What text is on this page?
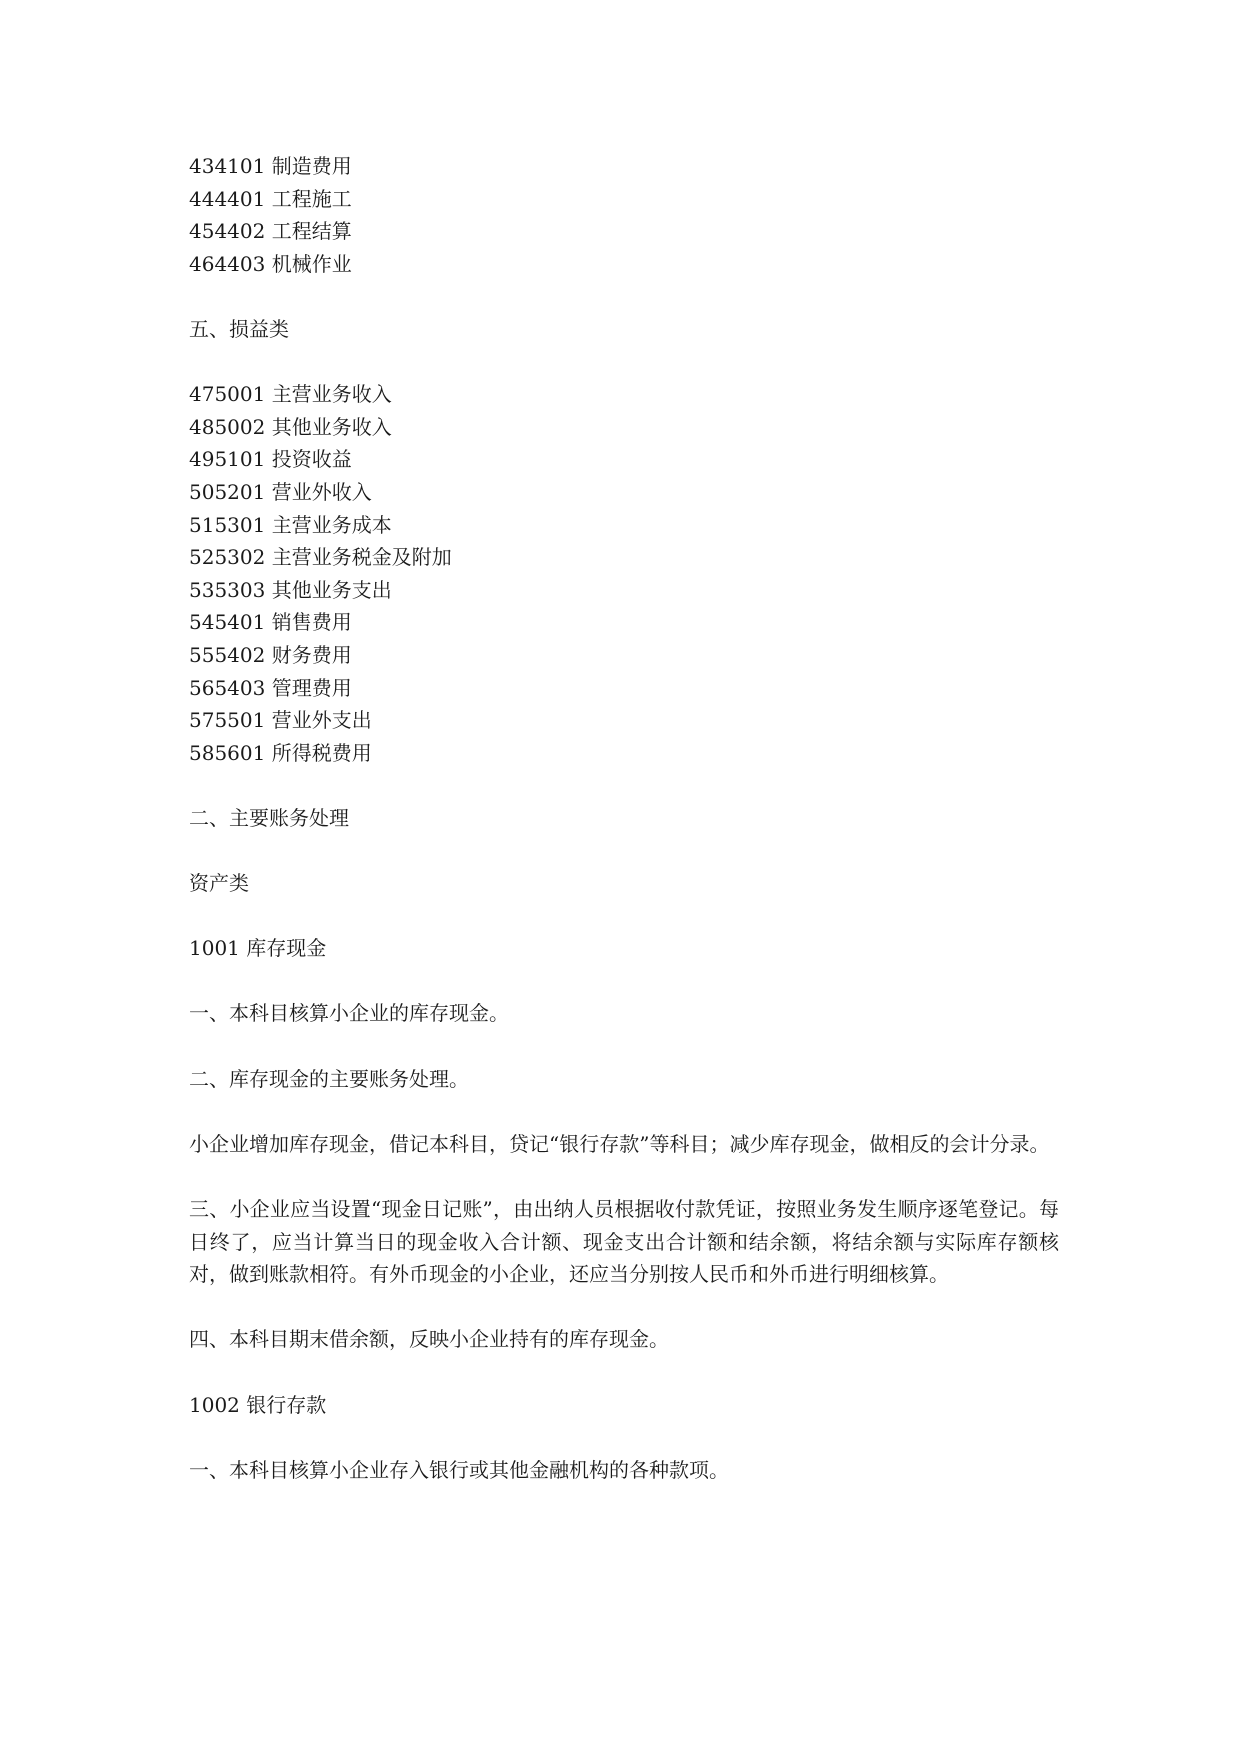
434101 制造费用
444401 工程施工
454402 工程结算
464403 机械作业
五、损益类
475001 主营业务收入
485002 其他业务收入
495101 投资收益
505201 营业外收入
515301 主营业务成本
525302 主营业务税金及附加
535303 其他业务支出
545401 销售费用
555402 财务费用
565403 管理费用
575501 营业外支出
585601 所得税费用
二、主要账务处理
资产类
1001 库存现金
一、本科目核算小企业的库存现金。
二、库存现金的主要账务处理。
小企业增加库存现金，借记本科目，贷记“银行存款”等科目；减少库存现金，做相反的会计分录。
三、小企业应当设置“现金日记账”，由出纳人员根据收付款凭证，按照业务发生顺序逐笔登记。每日终了，应当计算当日的现金收入合计额、现金支出合计额和结余额，将结余额与实际库存额核对，做到账款相符。有外币现金的小企业，还应当分别按人民币和外币进行明细核算。
四、本科目期末借余额，反映小企业持有的库存现金。
1002 银行存款
一、本科目核算小企业存入银行或其他金融机构的各种款项。
